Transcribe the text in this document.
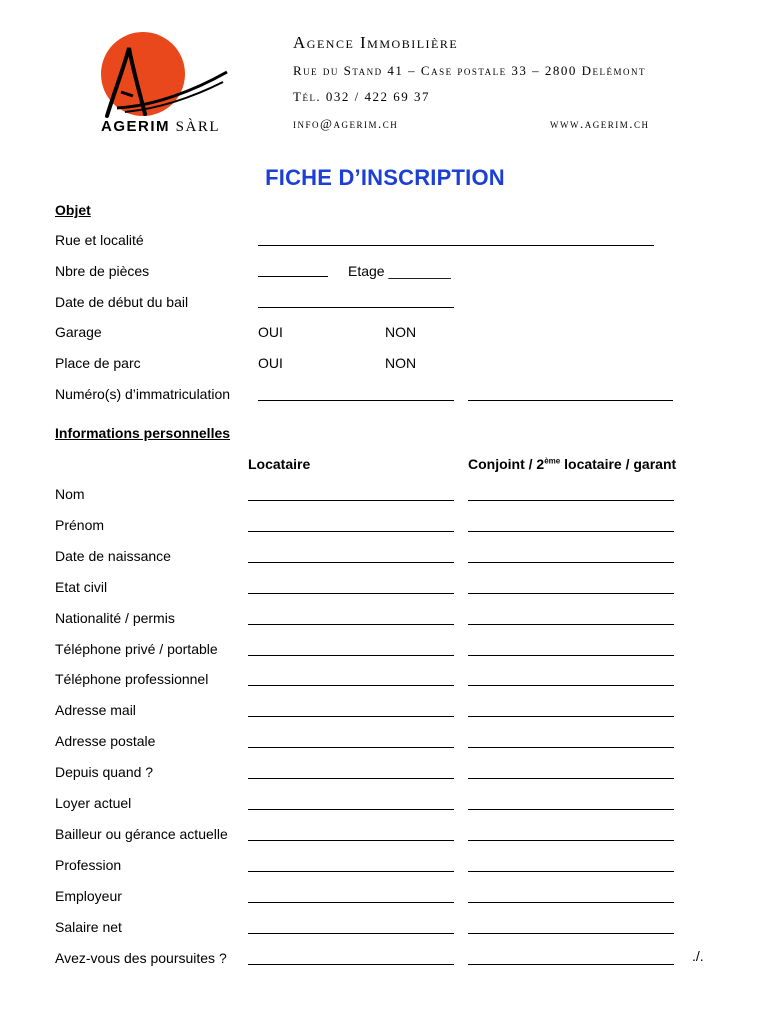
AGERIM SÀRL
Agence Immobilière
Rue du Stand 41 – Case postale 33 – 2800 Delémont
Tél. 032 / 422 69 37
info@agerim.ch	www.agerim.ch
FICHE D’INSCRIPTION
Objet
Rue et localité
Nbre de pièces	Etage ________
Date de début du bail
Garage	OUI	NON
Place de parc	OUI	NON
Numéro(s) d’immatriculation
Informations personnelles
Locataire	Conjoint / 2ème locataire / garant
Nom
Prénom
Date de naissance
Etat civil
Nationalité / permis
Téléphone privé / portable
Téléphone professionnel
Adresse mail
Adresse postale
Depuis quand ?
Loyer actuel
Bailleur ou gérance actuelle
Profession
Employeur
Salaire net
Avez-vous des poursuites ?	./.
